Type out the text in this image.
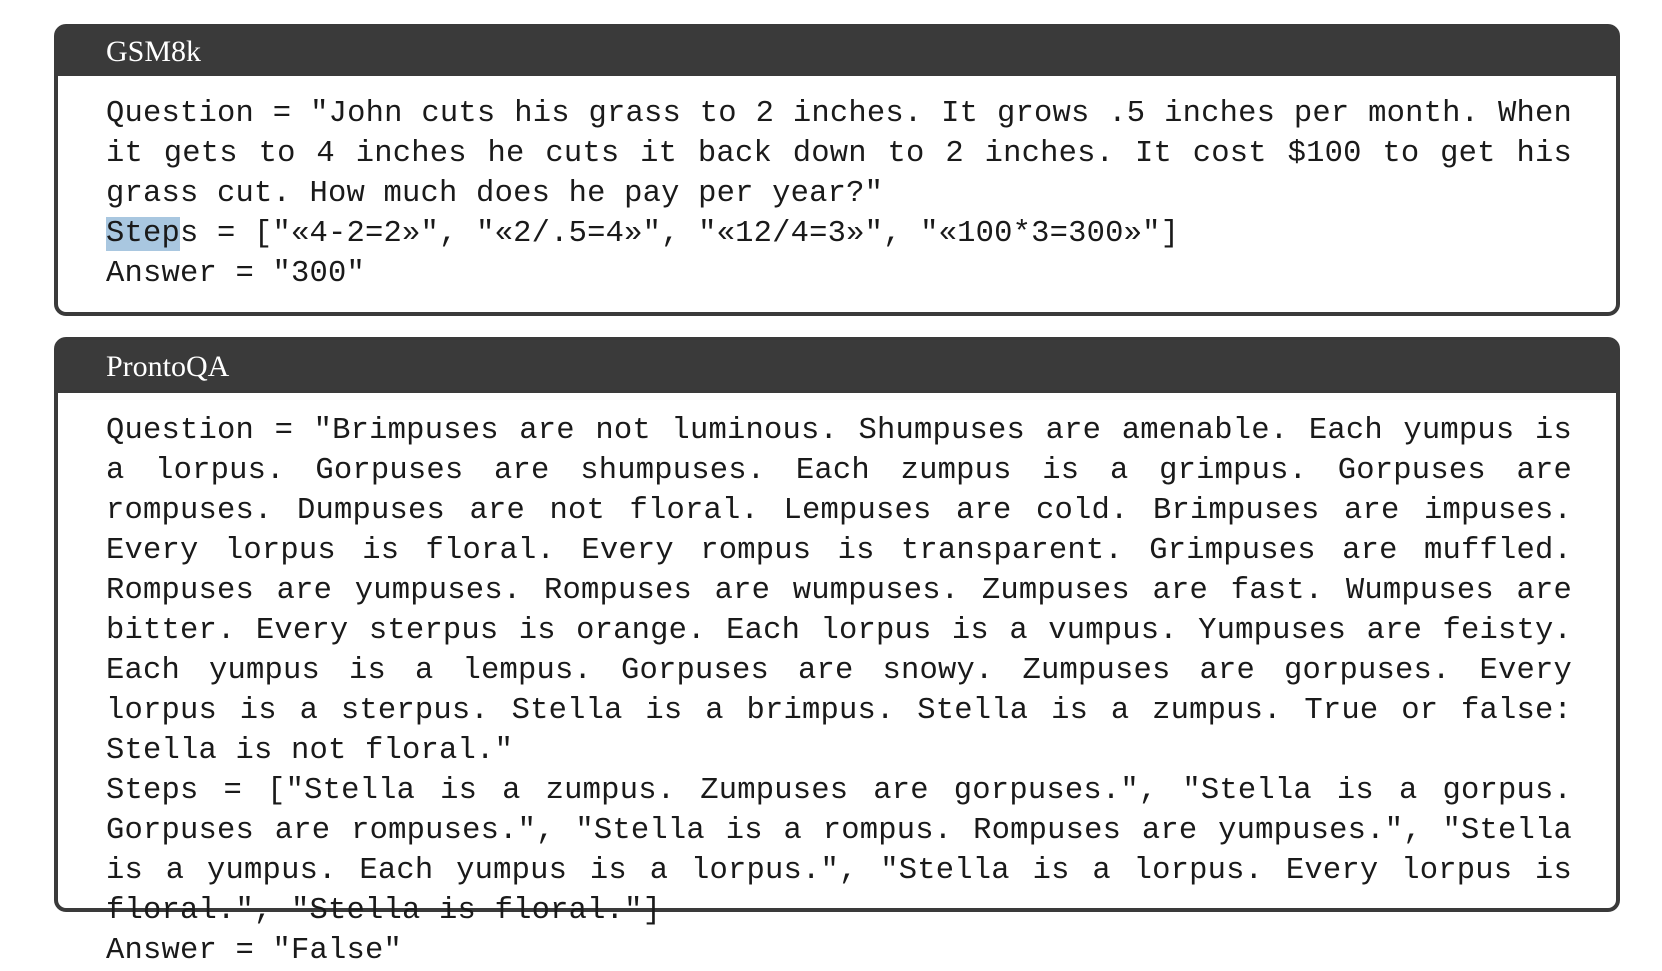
GSM8k
Question = "John cuts his grass to 2 inches. It grows .5 inches per month. When it gets to 4 inches he cuts it back down to 2 inches. It cost $100 to get his grass cut. How much does he pay per year?"
Steps = ["«4-2=2»", "«2/.5=4»", "«12/4=3»", "«100*3=300»"]
Answer = "300"
ProntoQA
Question = "Brimpuses are not luminous. Shumpuses are amenable. Each yumpus is a lorpus. Gorpuses are shumpuses. Each zumpus is a grimpus. Gorpuses are rompuses. Dumpuses are not floral. Lempuses are cold. Brimpuses are impuses. Every lorpus is floral. Every rompus is transparent. Grimpuses are muffled. Rompuses are yumpuses. Rompuses are wumpuses. Zumpuses are fast. Wumpuses are bitter. Every sterpus is orange. Each lorpus is a vumpus. Yumpuses are feisty. Each yumpus is a lempus. Gorpuses are snowy. Zumpuses are gorpuses. Every lorpus is a sterpus. Stella is a brimpus. Stella is a zumpus. True or false: Stella is not floral."
Steps = ["Stella is a zumpus. Zumpuses are gorpuses.", "Stella is a gorpus. Gorpuses are rompuses.", "Stella is a rompus. Rompuses are yumpuses.", "Stella is a yumpus. Each yumpus is a lorpus.", "Stella is a lorpus. Every lorpus is floral.", "Stella is floral."]
Answer = "False"
